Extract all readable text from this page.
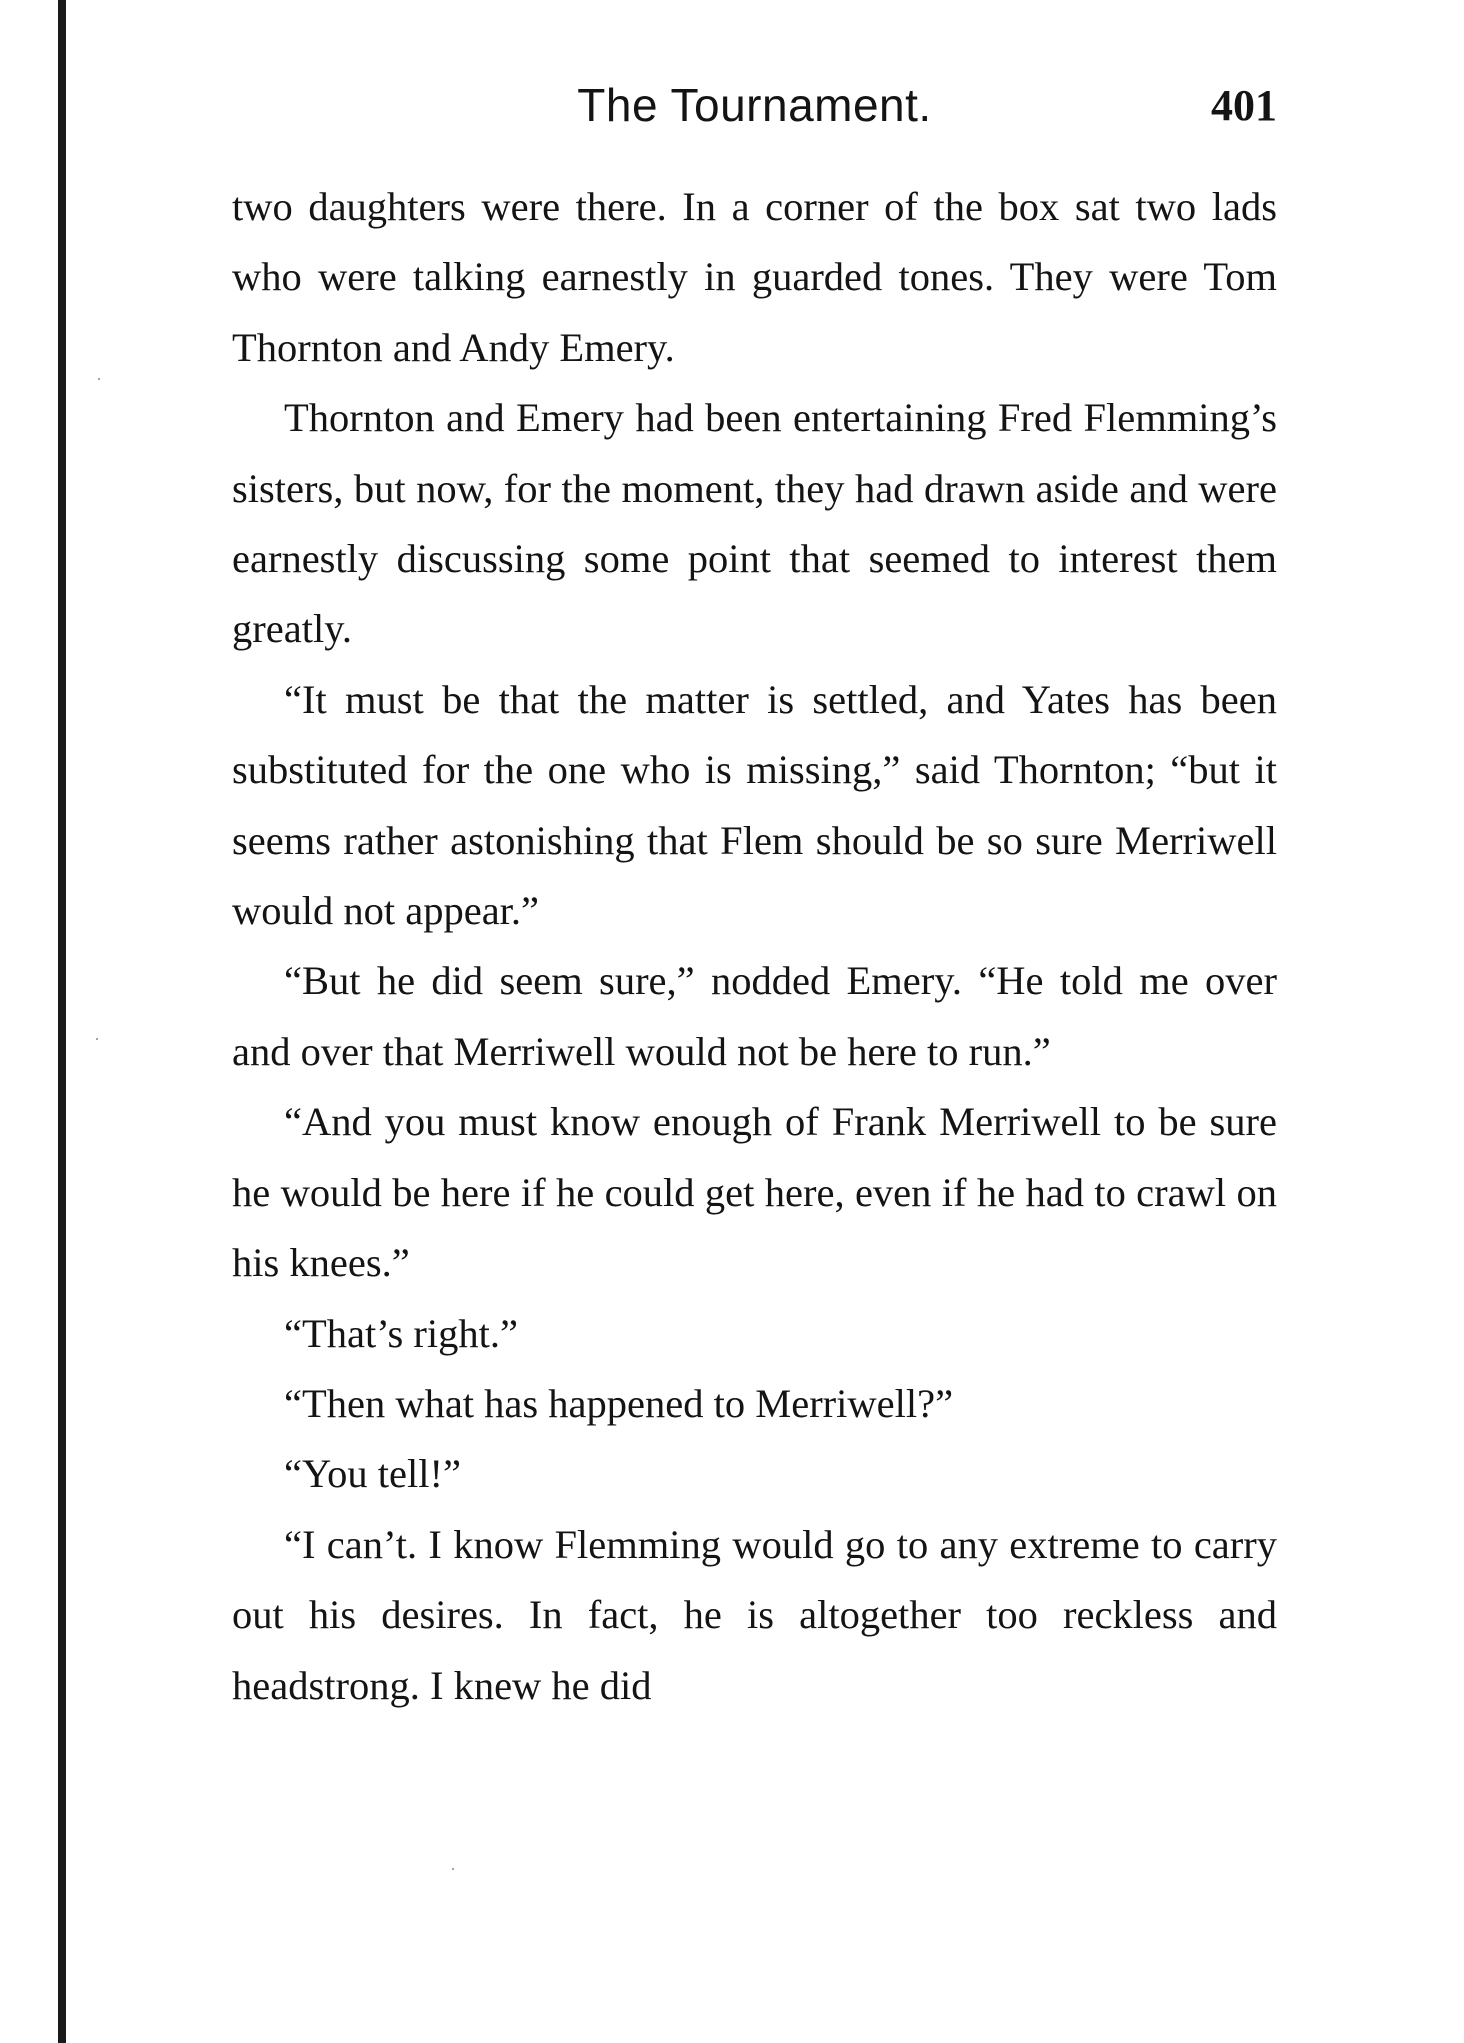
The Tournament.	401

two daughters were there. In a corner of the box sat two lads who were talking earnestly in guarded tones. They were Tom Thornton and Andy Emery.

Thornton and Emery had been entertaining Fred Flemming’s sisters, but now, for the moment, they had drawn aside and were earnestly discussing some point that seemed to interest them greatly.

“It must be that the matter is settled, and Yates has been substituted for the one who is missing,” said Thornton; “but it seems rather astonishing that Flem should be so sure Merriwell would not appear.”

“But he did seem sure,” nodded Emery. “He told me over and over that Merriwell would not be here to run.”

“And you must know enough of Frank Merriwell to be sure he would be here if he could get here, even if he had to crawl on his knees.”

“That’s right.”

“Then what has happened to Merriwell?”

“You tell!”

“I can’t. I know Flemming would go to any extreme to carry out his desires. In fact, he is altogether too reckless and headstrong. I knew he did
